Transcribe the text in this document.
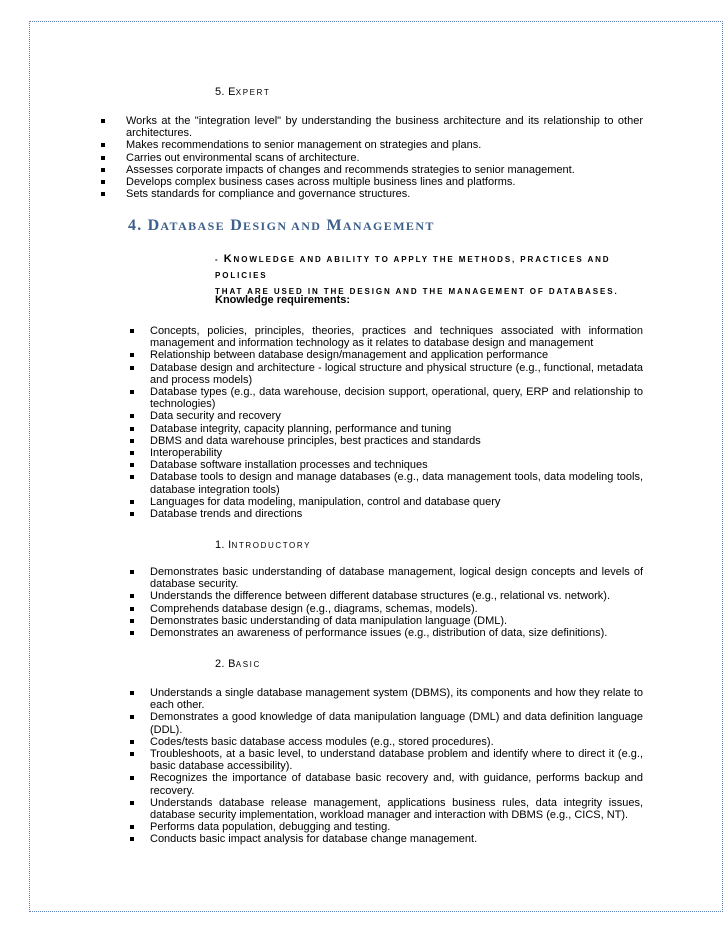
5. EXPERT
Works at the "integration level" by understanding the business architecture and its relationship to other architectures.
Makes recommendations to senior management on strategies and plans.
Carries out environmental scans of architecture.
Assesses corporate impacts of changes and recommends strategies to senior management.
Develops complex business cases across multiple business lines and platforms.
Sets standards for compliance and governance structures.
4. DATABASE DESIGN AND MANAGEMENT
- KNOWLEDGE AND ABILITY TO APPLY THE METHODS, PRACTICES AND POLICIES
THAT ARE USED IN THE DESIGN AND THE MANAGEMENT OF DATABASES.
Knowledge requirements:
Concepts, policies, principles, theories, practices and techniques associated with information management and information technology as it relates to database design and management
Relationship between database design/management and application performance
Database design and architecture - logical structure and physical structure (e.g., functional, metadata and process models)
Database types (e.g., data warehouse, decision support, operational, query, ERP and relationship to technologies)
Data security and recovery
Database integrity, capacity planning, performance and tuning
DBMS and data warehouse principles, best practices and standards
Interoperability
Database software installation processes and techniques
Database tools to design and manage databases (e.g., data management tools, data modeling tools, database integration tools)
Languages for data modeling, manipulation, control and database query
Database trends and directions
1. INTRODUCTORY
Demonstrates basic understanding of database management, logical design concepts and levels of database security.
Understands the difference between different database structures (e.g., relational vs. network).
Comprehends database design (e.g., diagrams, schemas, models).
Demonstrates basic understanding of data manipulation language (DML).
Demonstrates an awareness of performance issues (e.g., distribution of data, size definitions).
2. BASIC
Understands a single database management system (DBMS), its components and how they relate to each other.
Demonstrates a good knowledge of data manipulation language (DML) and data definition language (DDL).
Codes/tests basic database access modules (e.g., stored procedures).
Troubleshoots, at a basic level, to understand database problem and identify where to direct it (e.g., basic database accessibility).
Recognizes the importance of database basic recovery and, with guidance, performs backup and recovery.
Understands database release management, applications business rules, data integrity issues, database security implementation, workload manager and interaction with DBMS (e.g., CICS, NT).
Performs data population, debugging and testing.
Conducts basic impact analysis for database change management.
